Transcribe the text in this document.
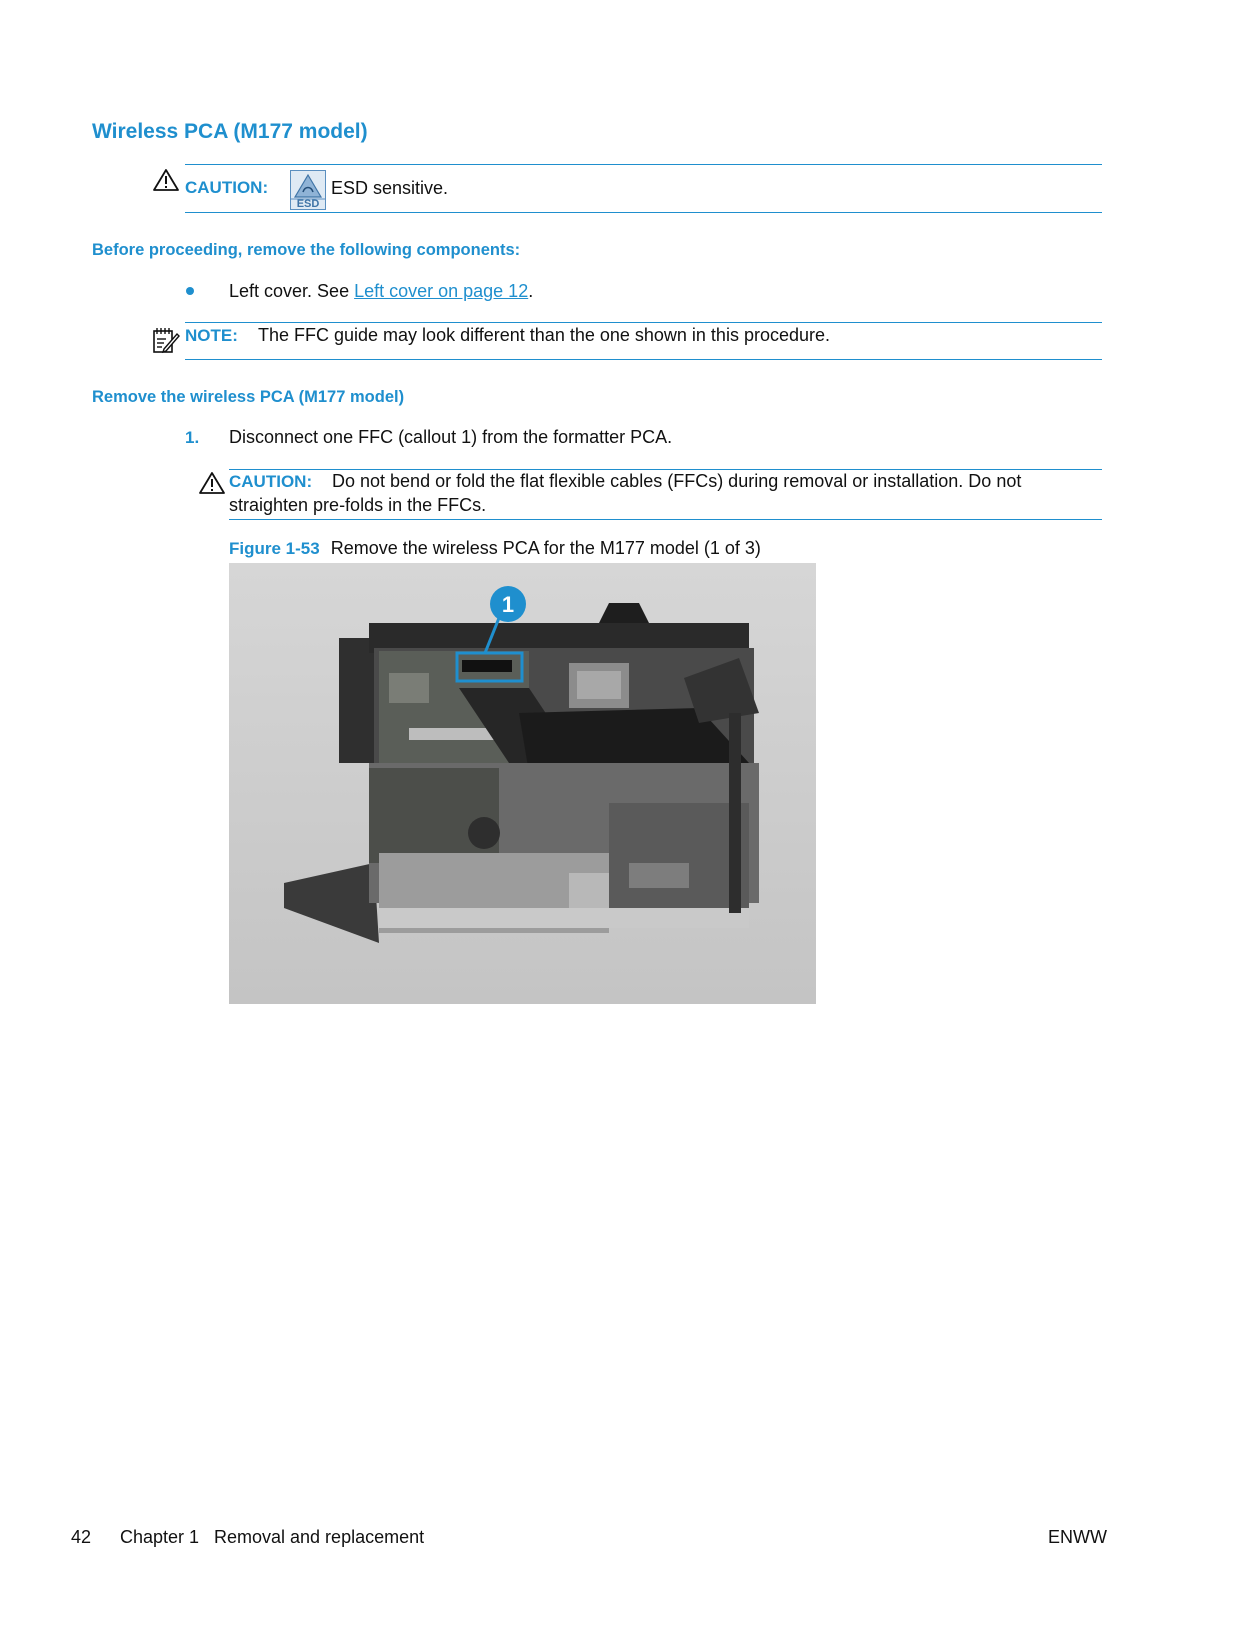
Wireless PCA (M177 model)
CAUTION:
ESD
ESD sensitive.
Before proceeding, remove the following components:
Left cover. See Left cover on page 12.
NOTE: The FFC guide may look different than the one shown in this procedure.
Remove the wireless PCA (M177 model)
1. Disconnect one FFC (callout 1) from the formatter PCA.
CAUTION: Do not bend or fold the flat flexible cables (FFCs) during removal or installation. Do not
straighten pre-folds in the FFCs.
Figure 1-53 Remove the wireless PCA for the M177 model (1 of 3)
1
42 Chapter 1 Removal and replacement	ENWW
